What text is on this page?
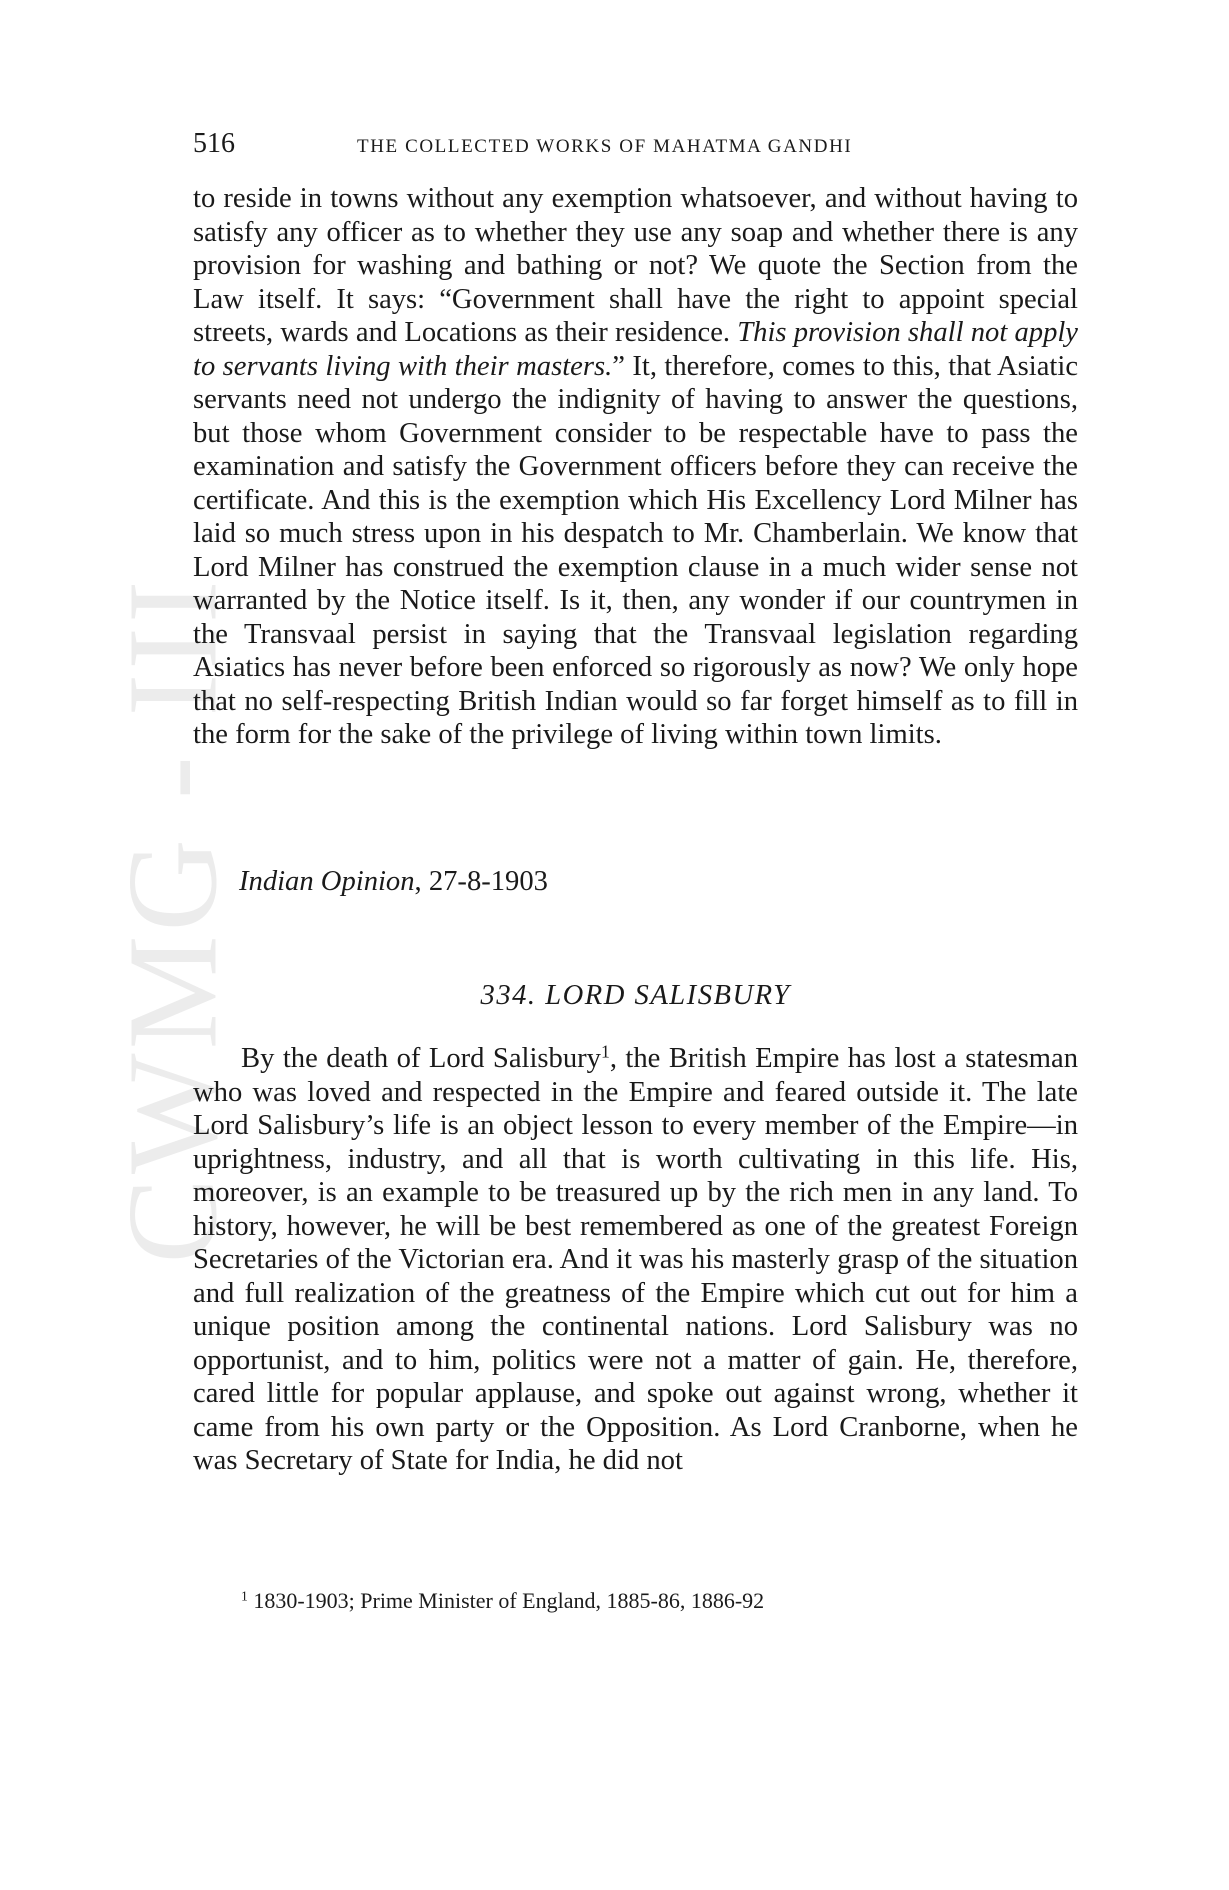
CWMG - III
516	THE COLLECTED WORKS OF MAHATMA GANDHI

to reside in towns without any exemption whatsoever, and without having to satisfy any officer as to whether they use any soap and whether there is any provision for washing and bathing or not? We quote the Section from the Law itself. It says: “Government shall have the right to appoint special streets, wards and Locations as their residence. This provision shall not apply to servants living with their masters.” It, therefore, comes to this, that Asiatic servants need not undergo the indignity of having to answer the questions, but those whom Government consider to be respectable have to pass the examination and satisfy the Government officers before they can receive the certificate. And this is the exemption which His Excellency Lord Milner has laid so much stress upon in his despatch to Mr. Chamberlain. We know that Lord Milner has construed the exemption clause in a much wider sense not warranted by the Notice itself. Is it, then, any wonder if our countrymen in the Transvaal persist in saying that the Transvaal legislation regarding Asiatics has never before been enforced so rigorously as now? We only hope that no self-respecting British Indian would so far forget himself as to fill in the form for the sake of the privilege of living within town limits.

Indian Opinion, 27-8-1903
334. LORD SALISBURY

By the death of Lord Salisbury$^1$, the British Empire has lost a statesman who was loved and respected in the Empire and feared outside it. The late Lord Salisbury’s life is an object lesson to every member of the Empire—in uprightness, industry, and all that is worth cultivating in this life. His, moreover, is an example to be treasured up by the rich men in any land. To history, however, he will be best remembered as one of the greatest Foreign Secretaries of the Victorian era. And it was his masterly grasp of the situation and full realization of the greatness of the Empire which cut out for him a unique position among the continental nations. Lord Salisbury was no opportunist, and to him, politics were not a matter of gain. He, therefore, cared little for popular applause, and spoke out against wrong, whether it came from his own party or the Opposition. As Lord Cranborne, when he was Secretary of State for India, he did not

$^1$ 1830-1903; Prime Minister of England, 1885-86, 1886-92
